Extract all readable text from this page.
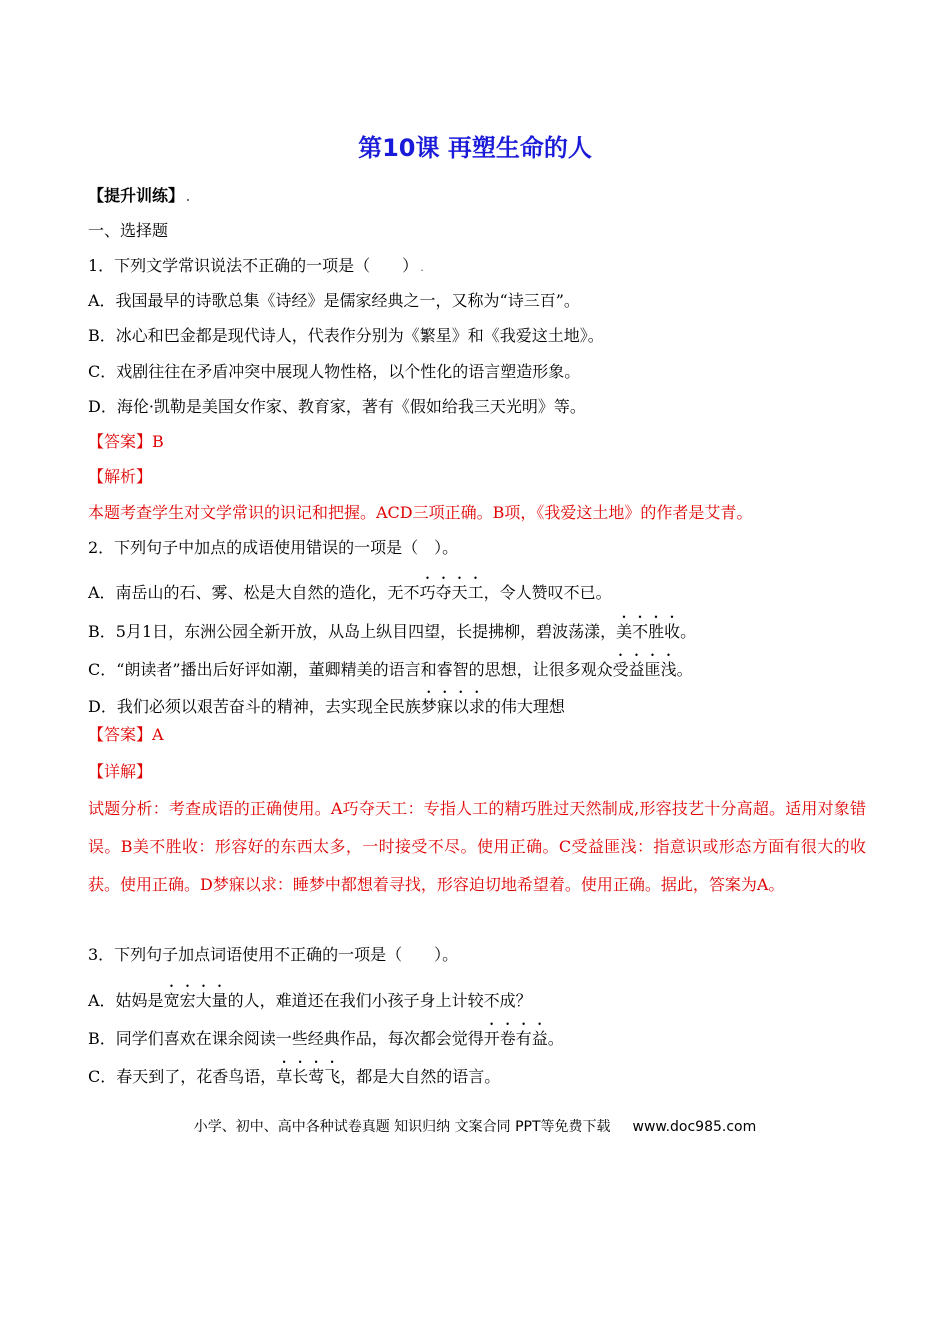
第10课 再塑生命的人
【提升训练】 .
一、选择题
1．下列文学常识说法不正确的一项是（　　） .
A．我国最早的诗歌总集《诗经》是儒家经典之一，又称为“诗三百”。
B．冰心和巴金都是现代诗人，代表作分别为《繁星》和《我爱这土地》。
C．戏剧往往在矛盾冲突中展现人物性格，以个性化的语言塑造形象。
D．海伦·凯勒是美国女作家、教育家，著有《假如给我三天光明》等。
【答案】B
【解析】
本题考查学生对文学常识的识记和把握。ACD三项正确。B项，《我爱这土地》的作者是艾青。
2．下列句子中加点的成语使用错误的一项是（　）。
A．南岳山的石、雾、松是大自然的造化，无不巧夺天工，令人赞叹不已。
B．5月1日，东洲公园全新开放，从岛上纵目四望，长提拂柳，碧波荡漾，美不胜收。
C．“朗读者”播出后好评如潮，董卿精美的语言和睿智的思想，让很多观众受益匪浅。
D．我们必须以艰苦奋斗的精神，去实现全民族梦寐以求的伟大理想
【答案】A
【详解】
试题分析：考查成语的正确使用。A巧夺天工：专指人工的精巧胜过天然制成,形容技艺十分高超。适用对象错误。B美不胜收：形容好的东西太多，一时接受不尽。使用正确。C受益匪浅：指意识或形态方面有很大的收获。使用正确。D梦寐以求：睡梦中都想着寻找，形容迫切地希望着。使用正确。据此，答案为A。
3．下列句子加点词语使用不正确的一项是（　　）。
A．姑妈是宽宏大量的人，难道还在我们小孩子身上计较不成？
B．同学们喜欢在课余阅读一些经典作品，每次都会觉得开卷有益。
C．春天到了，花香鸟语，草长莺飞，都是大自然的语言。
小学、初中、高中各种试卷真题 知识归纳 文案合同 PPT等免费下载 www.doc985.com
